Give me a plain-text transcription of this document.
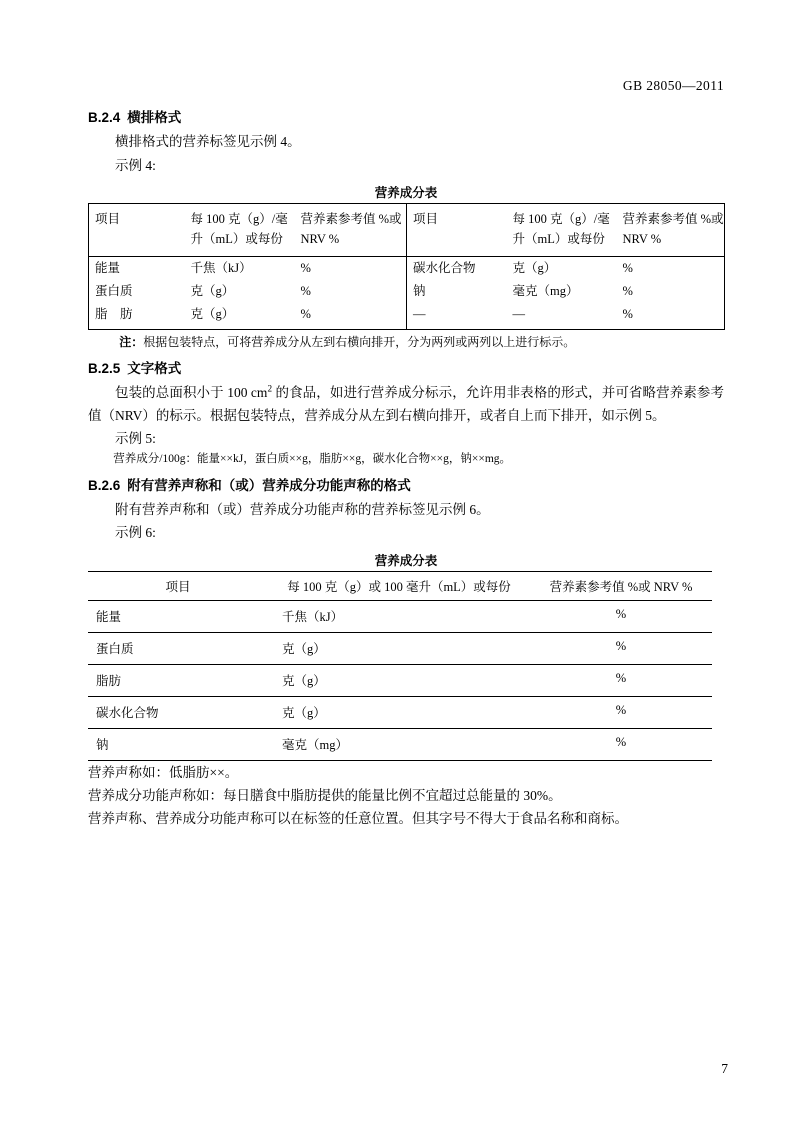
GB 28050—2011
B.2.4 横排格式

横排格式的营养标签见示例 4。

示例 4:

营养成分表
项目	每 100 克（g）/毫升（mL）或每份	营养素参考值 %或 NRV %	项目	每 100 克（g）/毫升（mL）或每份	营养素参考值 %或 NRV %
能量	千焦（kJ）	%	碳水化合物	克（g）	%
蛋白质	克（g）	%	钠	毫克（mg）	%
脂　肪	克（g）	%	—	—	%

注：根据包装特点，可将营养成分从左到右横向排开，分为两列或两列以上进行标示。

B.2.5 文字格式

包装的总面积小于 100 $cm^2$ 的食品，如进行营养成分标示，允许用非表格的形式，并可省略营养素参考值（NRV）的标示。根据包装特点，营养成分从左到右横向排开，或者自上而下排开，如示例 5。

示例 5:

营养成分/100g：能量××kJ，蛋白质××g，脂肪××g，碳水化合物××g，钠××mg。

B.2.6 附有营养声称和（或）营养成分功能声称的格式

附有营养声称和（或）营养成分功能声称的营养标签见示例 6。

示例 6:

营养成分表
项目	每 100 克（g）或 100 毫升（mL）或每份	营养素参考值 %或 NRV %
能量	千焦（kJ）	%
蛋白质	克（g）	%
脂肪	克（g）	%
碳水化合物	克（g）	%
钠	毫克（mg）	%

营养声称如：低脂肪××。

营养成分功能声称如：每日膳食中脂肪提供的能量比例不宜超过总能量的 30%。

营养声称、营养成分功能声称可以在标签的任意位置。但其字号不得大于食品名称和商标。

7
